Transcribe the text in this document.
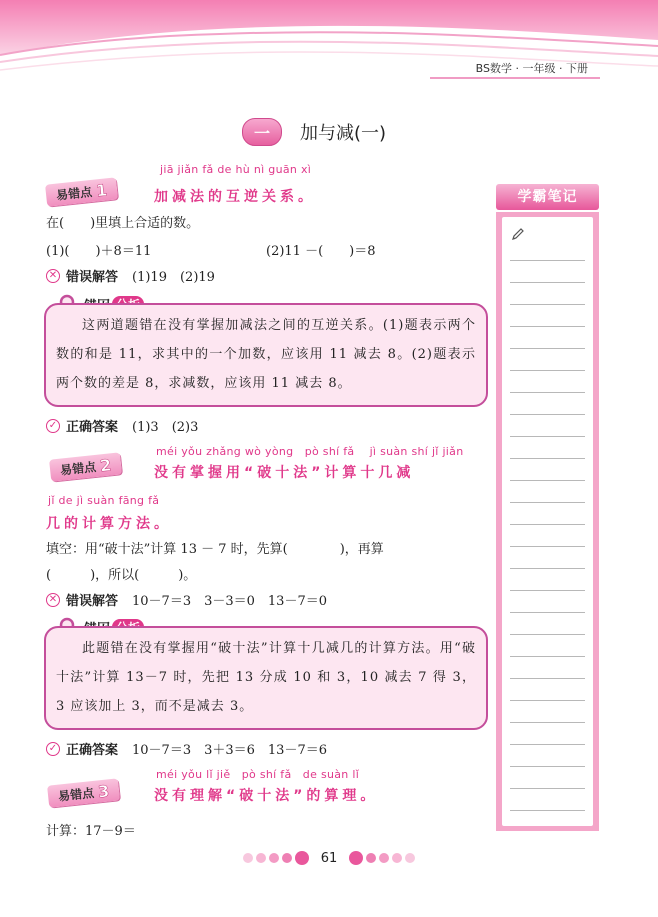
BS数学 · 一年级 · 下册
一	加与减(一)
易错点 1
jiā jiǎn fǎ de hù nì guān xì
加减法的互逆关系。
在(　　)里填上合适的数。
(1)(　　)＋8＝11	(2)11 －(　　)＝8
✕ 错误解答 (1)19　(2)19
这两道题错在没有掌握加减法之间的互逆关系。(1)题表示两个数的和是 11，求其中的一个加数，应该用 11 减去 8。(2)题表示两个数的差是 8，求减数，应该用 11 减去 8。
✓ 正确答案 (1)3　(2)3
易错点 2
méi yǒu zhǎng wò yòng　pò shí fǎ　 jì suàn shí jǐ jiǎn
没有掌握用“破十法”计算十几减
jǐ de jì suàn fāng fǎ
几的计算方法。
填空：用“破十法”计算 13 － 7 时，先算(　　　　)，再算
(　　　)，所以(　　　)。
✕ 错误解答 10－7＝3　3－3＝0　13－7＝0
此题错在没有掌握用“破十法”计算十几减几的计算方法。用“破十法”计算 13－7 时，先把 13 分成 10 和 3，10 减去 7 得 3，3 应该加上 3，而不是减去 3。
✓ 正确答案 10－7＝3　3＋3＝6　13－7＝6
易错点 3
méi yǒu lǐ jiě　pò shí fǎ　de suàn lǐ
没有理解“破十法”的算理。
计算：17－9＝
学霸笔记
61
